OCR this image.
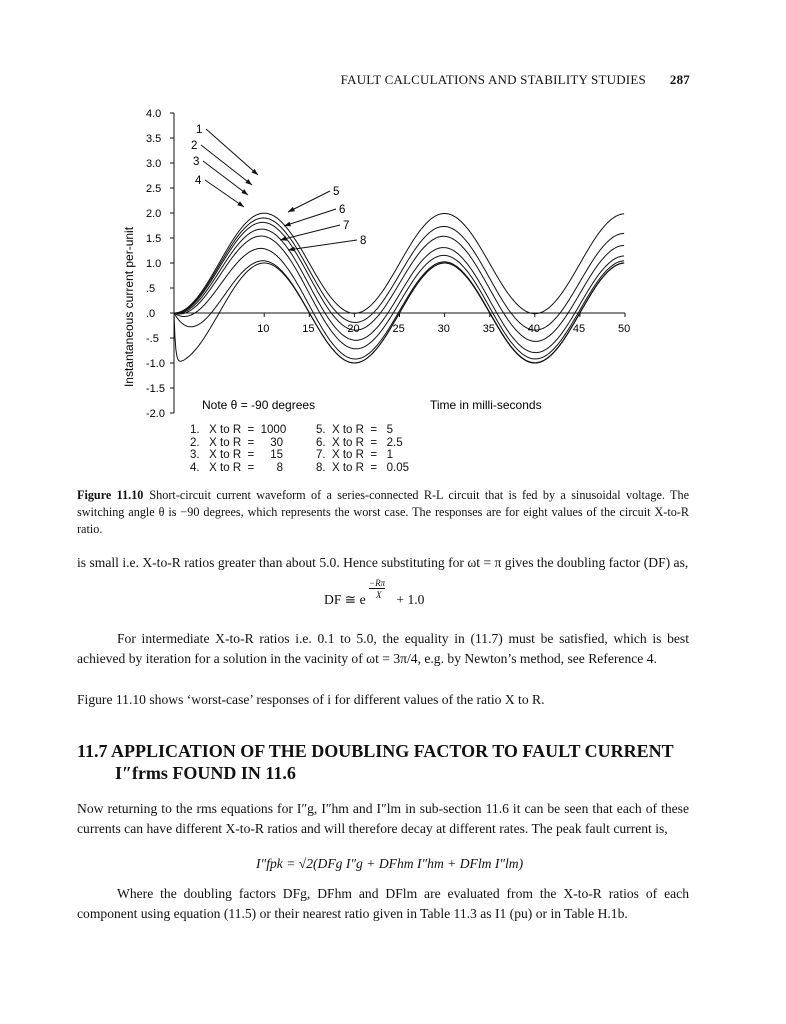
FAULT CALCULATIONS AND STABILITY STUDIES 287
4.0
3.5
3.0
2.5
2.0
1.5
1.0
.5
.0
-.5
-1.0
-1.5
-2.0
10	15	20	25	30	35	40	45	50
1
2
3
4
5
6
7
8
Instantaneous current per-unit
Note θ = -90 degrees	Time in milli-seconds
1.   X to R  =  1000
2.   X to R  =     30
3.   X to R  =     15
4.   X to R  =       8
5.  X to R  =   5
6.  X to R  =   2.5
7.  X to R  =   1
8.  X to R  =   0.05
Figure 11.10 Short-circuit current waveform of a series-connected R-L circuit that is fed by a sinusoidal voltage. The switching angle θ is −90 degrees, which represents the worst case. The responses are for eight values of the circuit X-to-R ratio.
is small i.e. X-to-R ratios greater than about 5.0. Hence substituting for ωt = π gives the doubling factor (DF) as,
DF ≅ e $\frac{-R\pi}{X} + 1.0$
For intermediate X-to-R ratios i.e. 0.1 to 5.0, the equality in (11.7) must be satisfied, which is best achieved by iteration for a solution in the vacinity of ωt = 3π/4, e.g. by Newton’s method, see Reference 4.
Figure 11.10 shows ‘worst-case’ responses of i for different values of the ratio X to R.
11.7 APPLICATION OF THE DOUBLING FACTOR TO FAULT CURRENT
I″frms FOUND IN 11.6
Now returning to the rms equations for I″g, I″hm and I″lm in sub-section 11.6 it can be seen that each of these currents can have different X-to-R ratios and will therefore decay at different rates. The peak fault current is,
I″fpk = √2(DFg I″g + DFhm I″hm + DFlm I″lm)
Where the doubling factors DFg, DFhm and DFlm are evaluated from the X-to-R ratios of each component using equation (11.5) or their nearest ratio given in Table 11.3 as I1 (pu) or in Table H.1b.
